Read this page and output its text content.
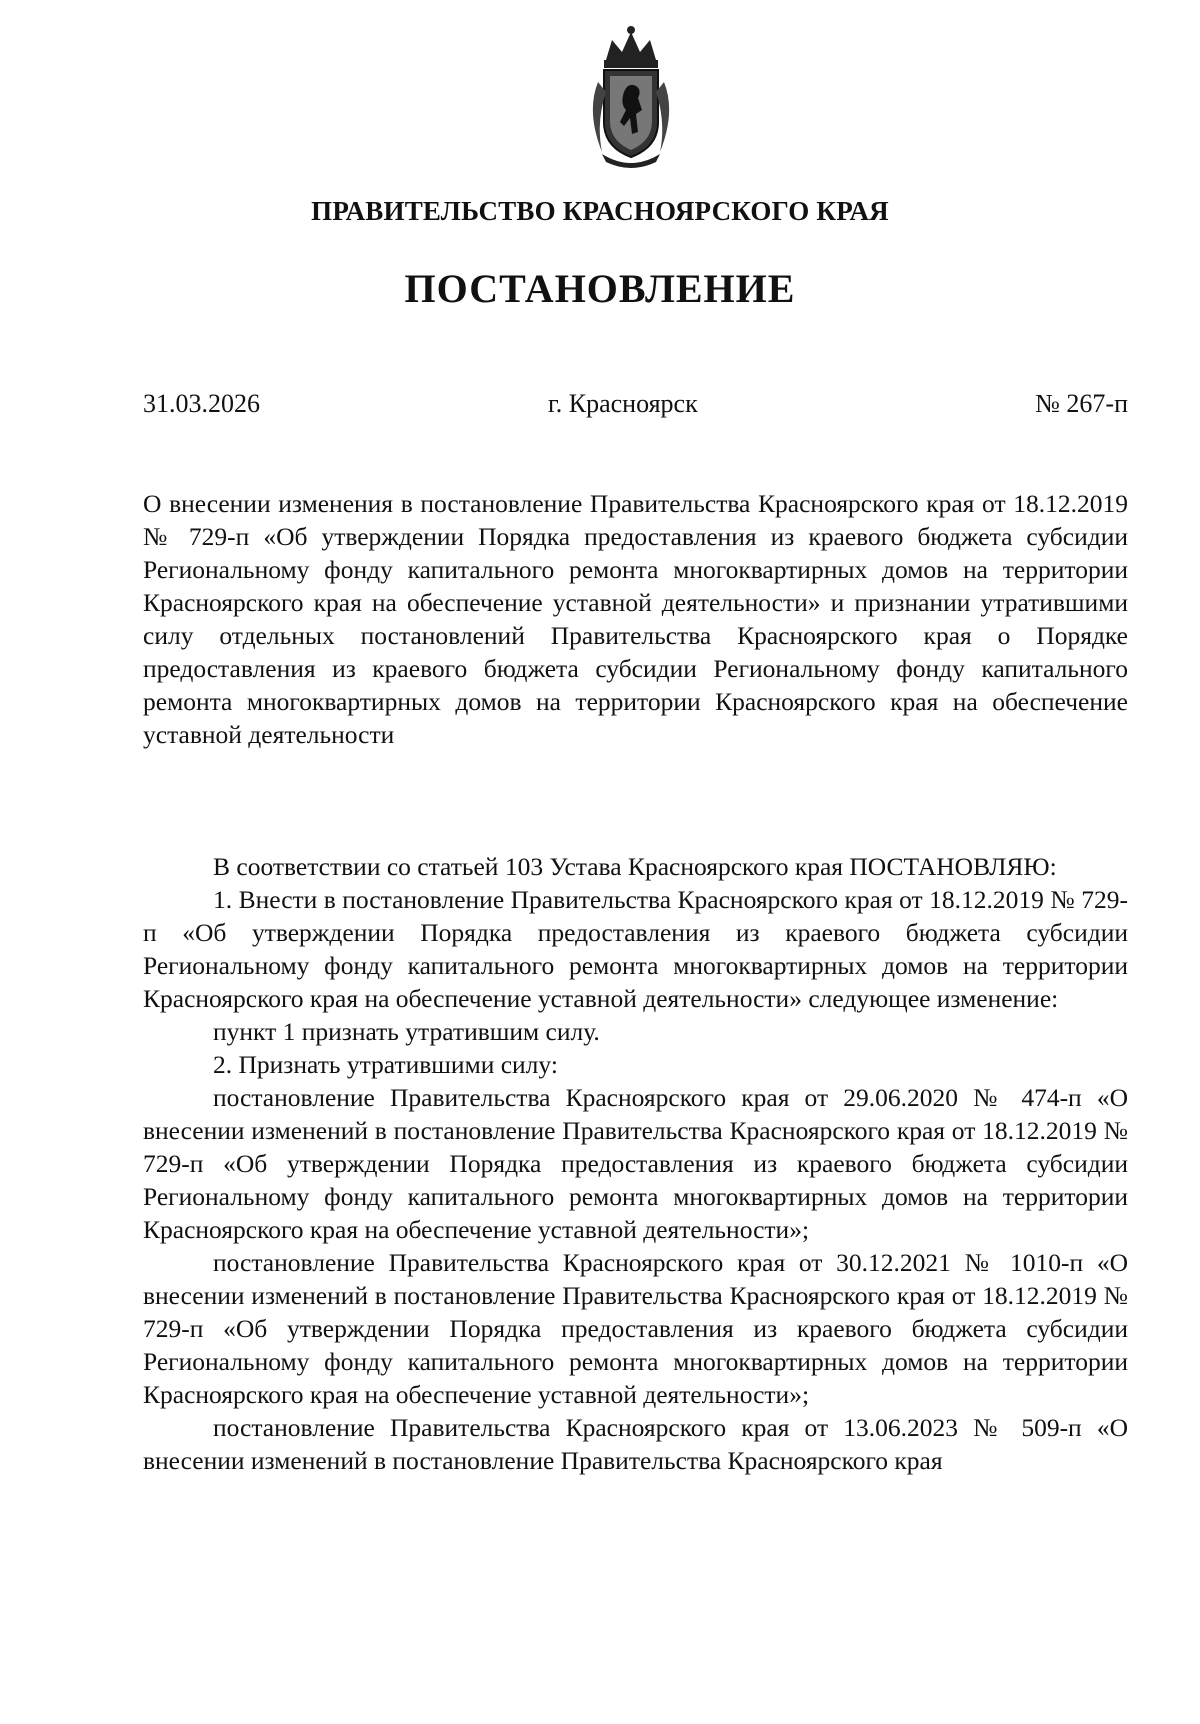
ПРАВИТЕЛЬСТВО КРАСНОЯРСКОГО КРАЯ
ПОСТАНОВЛЕНИЕ
31.03.2026	г. Красноярск	№ 267-п
О внесении изменения в постановление Правительства Красноярского края от 18.12.2019 № 729-п «Об утверждении Порядка предоставления из краевого бюджета субсидии Региональному фонду капитального ремонта многоквартирных домов на территории Красноярского края на обеспечение уставной деятельности» и признании утратившими силу отдельных постановлений Правительства Красноярского края о Порядке предоставления из краевого бюджета субсидии Региональному фонду капитального ремонта многоквартирных домов на территории Красноярского края на обеспечение уставной деятельности

В соответствии со статьей 103 Устава Красноярского края ПОСТАНОВЛЯЮ:

1. Внести в постановление Правительства Красноярского края от 18.12.2019 № 729-п «Об утверждении Порядка предоставления из краевого бюджета субсидии Региональному фонду капитального ремонта многоквартирных домов на территории Красноярского края на обеспечение уставной деятельности» следующее изменение:

пункт 1 признать утратившим силу.

2. Признать утратившими силу:

постановление Правительства Красноярского края от 29.06.2020 № 474-п «О внесении изменений в постановление Правительства Красноярского края от 18.12.2019 № 729-п «Об утверждении Порядка предоставления из краевого бюджета субсидии Региональному фонду капитального ремонта многоквартирных домов на территории Красноярского края на обеспечение уставной деятельности»;

постановление Правительства Красноярского края от 30.12.2021 № 1010-п «О внесении изменений в постановление Правительства Красноярского края от 18.12.2019 № 729-п «Об утверждении Порядка предоставления из краевого бюджета субсидии Региональному фонду капитального ремонта многоквартирных домов на территории Красноярского края на обеспечение уставной деятельности»;

постановление Правительства Красноярского края от 13.06.2023 № 509-п «О внесении изменений в постановление Правительства Красноярского края
